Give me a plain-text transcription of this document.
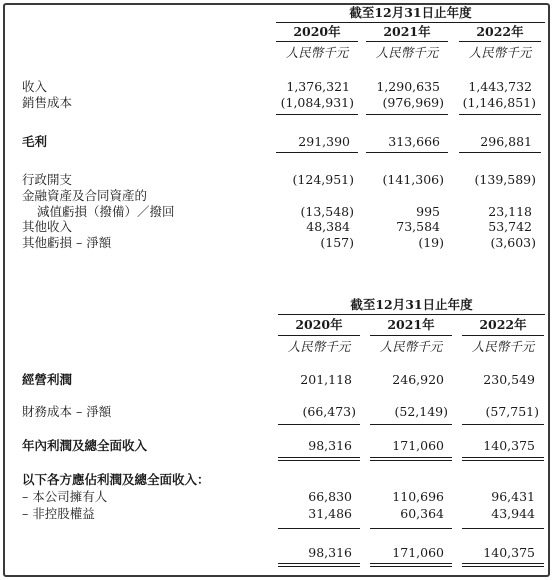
截至12月31日止年度
2020年	2021年	2022年
人民幣千元	人民幣千元	人民幣千元
收入	1,376,321	1,290,635	1,443,732
銷售成本	(1,084,931)	(976,969)	(1,146,851)
毛利	291,390	313,666	296,881
行政開支	(124,951)	(141,306)	(139,589)
金融資產及合同資產的
減值虧損（撥備）／撥回	(13,548)	995	23,118
其他收入	48,384	73,584	53,742
其他虧損 – 淨額	(157)	(19)	(3,603)
截至12月31日止年度
2020年	2021年	2022年
人民幣千元	人民幣千元	人民幣千元
經營利潤	201,118	246,920	230,549
財務成本 – 淨額	(66,473)	(52,149)	(57,751)
年內利潤及總全面收入	98,316	171,060	140,375
以下各方應佔利潤及總全面收入：
– 本公司擁有人	66,830	110,696	96,431
– 非控股權益	31,486	60,364	43,944
98,316	171,060	140,375
